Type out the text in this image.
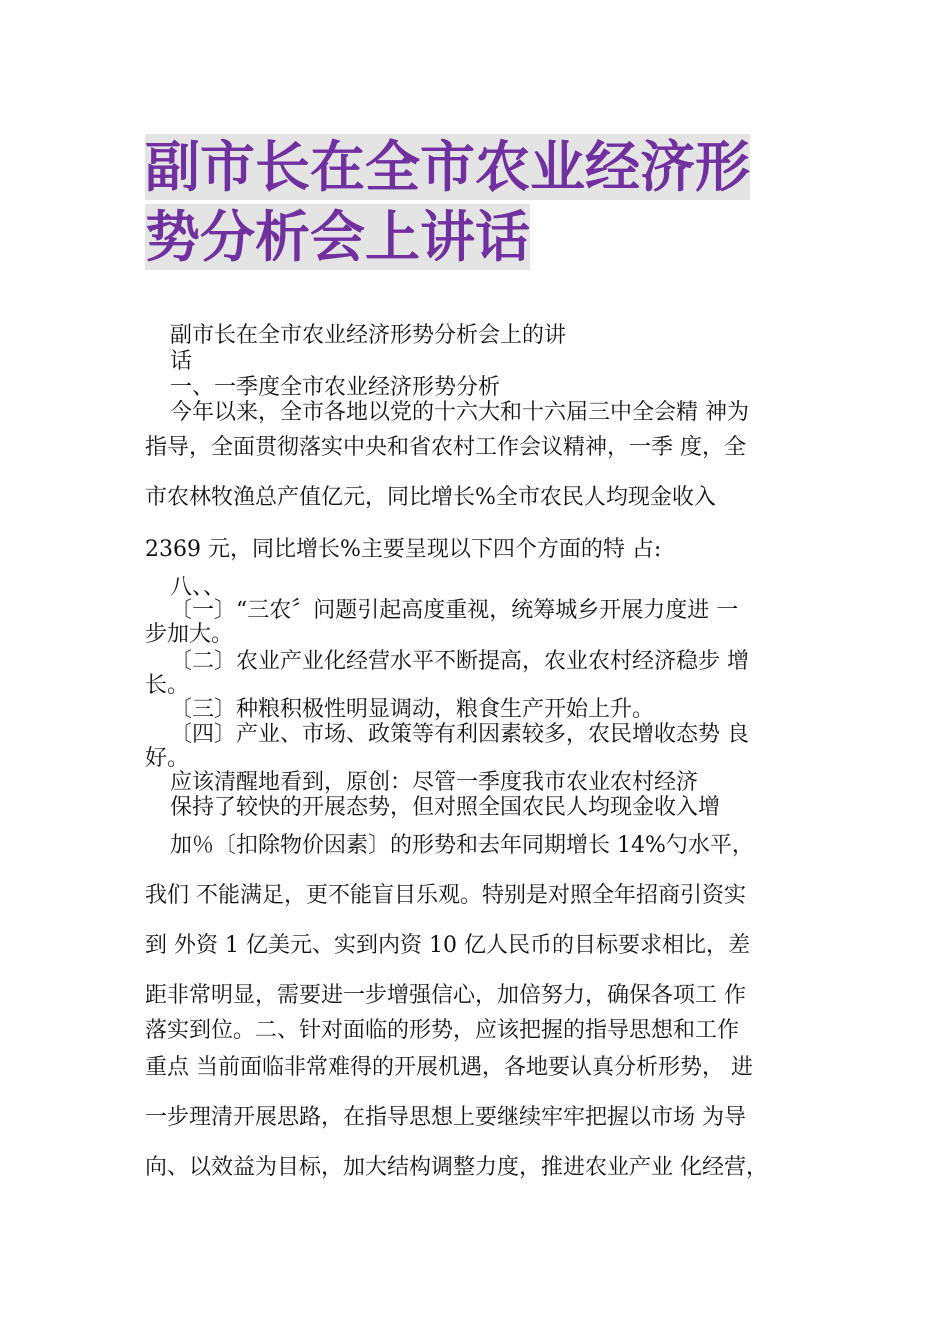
副市长在全市农业经济形
势分析会上讲话
副市长在全市农业经济形势分析会上的讲
话
一、一季度全市农业经济形势分析
今年以来，全市各地以党的十六大和十六届三中全会精 神为
指导，全面贯彻落实中央和省农村工作会议精神，一季 度，全
市农林牧渔总产值亿元，同比增长%全市农民人均现金收入
2369 元，同比增长%主要呈现以下四个方面的特 占:
八、、
〔一〕“三农〞问题引起高度重视，统筹城乡开展力度进 一
步加大。
〔二〕农业产业化经营水平不断提高，农业农村经济稳步 增
长。
〔三〕种粮积极性明显调动，粮食生产开始上升。
〔四〕产业、市场、政策等有利因素较多，农民增收态势 良
好。
应该清醒地看到，原创：尽管一季度我市农业农村经济
保持了较快的开展态势，但对照全国农民人均现金收入增
加％〔扣除物价因素〕的形势和去年同期增长 14%勺水平，
我们 不能满足，更不能盲目乐观。特别是对照全年招商引资实
到 外资 1 亿美元、实到内资 10 亿人民币的目标要求相比，差
距非常明显，需要进一步增强信心，加倍努力，确保各项工 作
落实到位。二、针对面临的形势，应该把握的指导思想和工作
重点 当前面临非常难得的开展机遇，各地要认真分析形势， 进
一步理清开展思路，在指导思想上要继续牢牢把握以市场 为导
向、以效益为目标，加大结构调整力度，推进农业产业 化经营，
